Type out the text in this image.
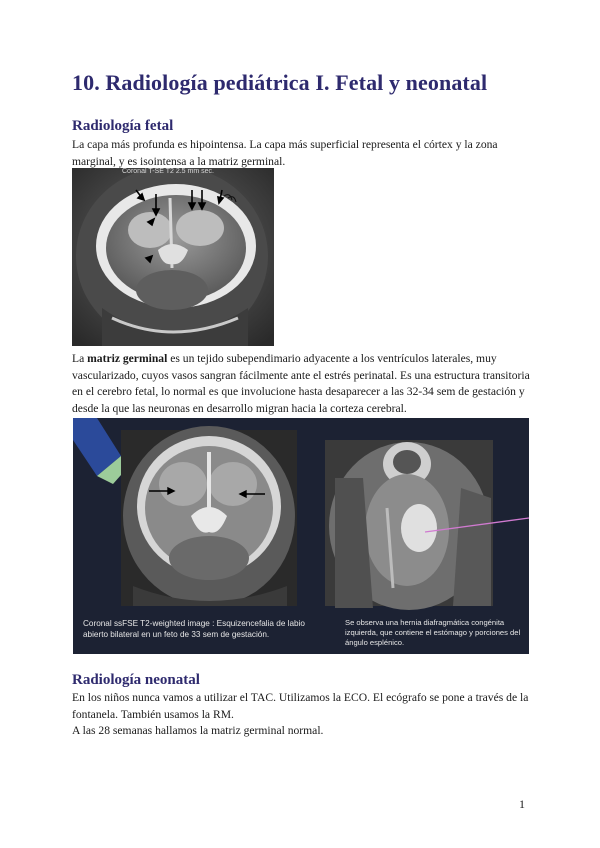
10. Radiología pediátrica I. Fetal y neonatal
Radiología fetal

La capa más profunda es hipointensa. La capa más superficial representa el córtex y la zona marginal, y es isointensa a la matriz germinal.

Coronal T-SE T2 2.5 mm sec.

La matriz germinal es un tejido subependimario adyacente a los ventrículos laterales, muy vascularizado, cuyos vasos sangran fácilmente ante el estrés perinatal. Es una estructura transitoria en el cerebro fetal, lo normal es que involucione hasta desaparecer a las 32-34 sem de gestación y desde la que las neuronas en desarrollo migran hacia la corteza cerebral.

Coronal ssFSE T2-weighted image : Esquizencefalia de labio abierto bilateral en un feto de 33 sem de gestación.
Se observa una hernia diafragmática congénita izquierda, que contiene el estómago y porciones del ángulo esplénico.
Radiología neonatal

En los niños nunca vamos a utilizar el TAC. Utilizamos la ECO. El ecógrafo se pone a través de la fontanela. También usamos la RM.

A las 28 semanas hallamos la matriz germinal normal.

1
